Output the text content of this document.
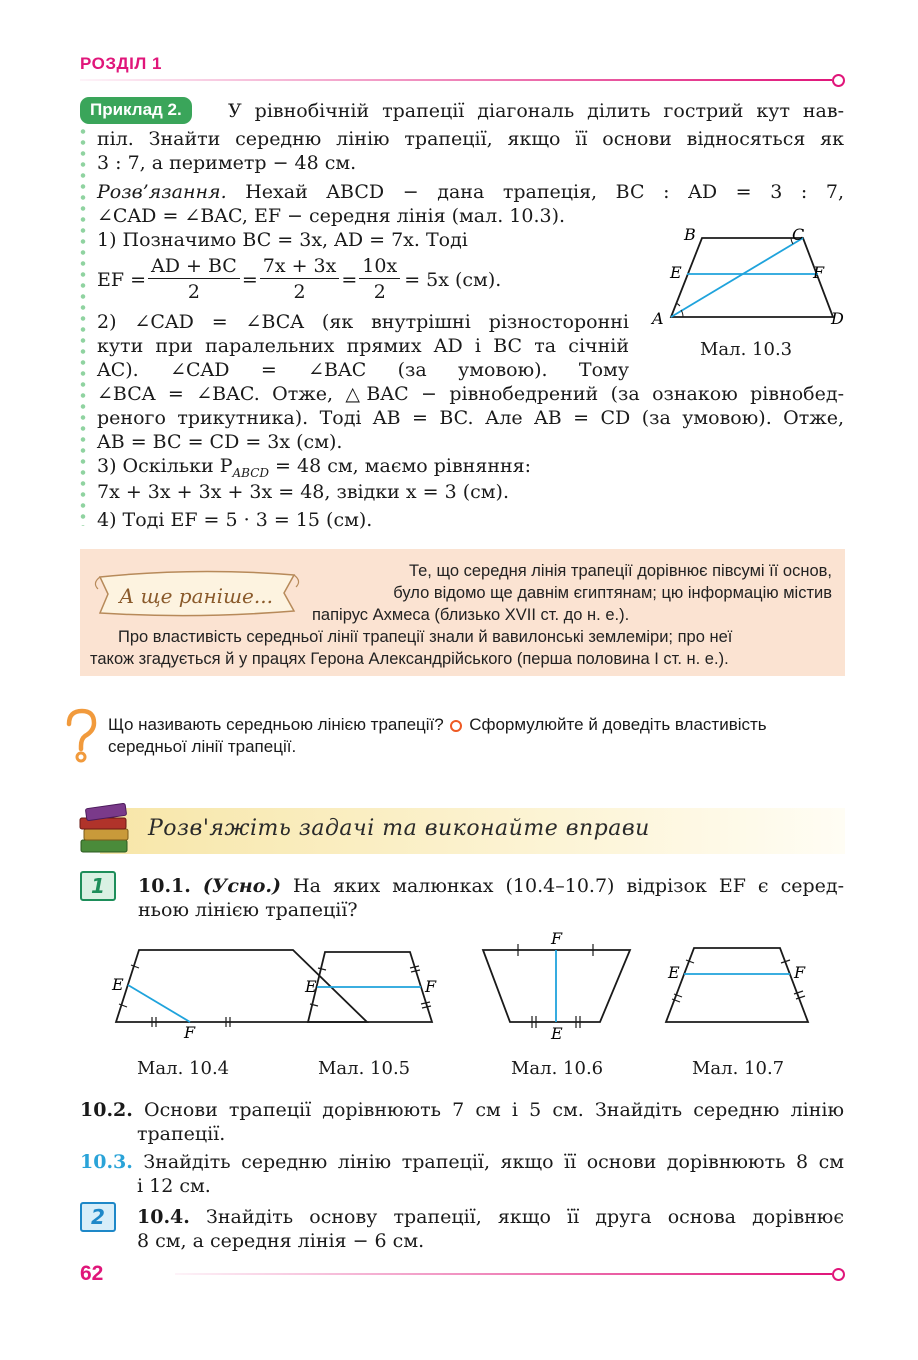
РОЗДІЛ 1
Приклад 2.	У рівнобічній трапеції діагональ ділить гострий кут нав-
піл. Знайти середню лінію трапеції, якщо її основи відносяться як
3 : 7, а периметр − 48 см.
Розв’язання. Нехай ABCD − дана трапеція, BC : AD = 3 : 7,
∠CAD = ∠BAC, EF − середня лінія (мал. 10.3).
1) Позначимо BC = 3x, AD = 7x. Тоді
EF = $\frac{AD + BC}{2} = \frac{7x + 3x}{2} = \frac{10x}{2} = 5x$ (см).
2) ∠CAD = ∠BCA (як внутрішні різносторонні
кути при паралельних прямих AD і BC та січній
AC). ∠CAD = ∠BAC (за умовою). Тому
∠BCA = ∠BAC. Отже, △BAC − рівнобедрений (за ознакою рівнобед-
реного трикутника). Тоді AB = BC. Але AB = CD (за умовою). Отже,
AB = BC = CD = 3x (см).
3) Оскільки $P_{ABCD} = 48$ см, маємо рівняння:
7x + 3x + 3x + 3x = 48, звідки x = 3 (см).
4) Тоді EF = 5 · 3 = 15 (см).
B	C
E	F
A	D
Мал. 10.3
А ще раніше...
Те, що середня лінія трапеції дорівнює півсумі її основ,
було відомо ще давнім єгиптянам; цю інформацію містив
папірус Ахмеса (близько XVII ст. до н. е.).
Про властивість середньої лінії трапеції знали й вавилонські землеміри; про неї
також згадується й у працях Герона Александрійського (перша половина I ст. н. е.).
Що називають середньою лінією трапеції? Сформулюйте й доведіть властивість
середньої лінії трапеції.
Розв'яжіть задачі та виконайте вправи
1	10.1. (Усно.) На яких малюнках (10.4–10.7) відрізок EF є серед-
ньою лінією трапеції?
E
F
E	F
F
E
E	F
Мал. 10.4	Мал. 10.5	Мал. 10.6	Мал. 10.7
10.2. Основи трапеції дорівнюють 7 см і 5 см. Знайдіть середню лінію
трапеції.
10.3. Знайдіть середню лінію трапеції, якщо її основи дорівнюють 8 см
і 12 см.
2	10.4. Знайдіть основу трапеції, якщо її друга основа дорівнює
8 см, а середня лінія − 6 см.
62
